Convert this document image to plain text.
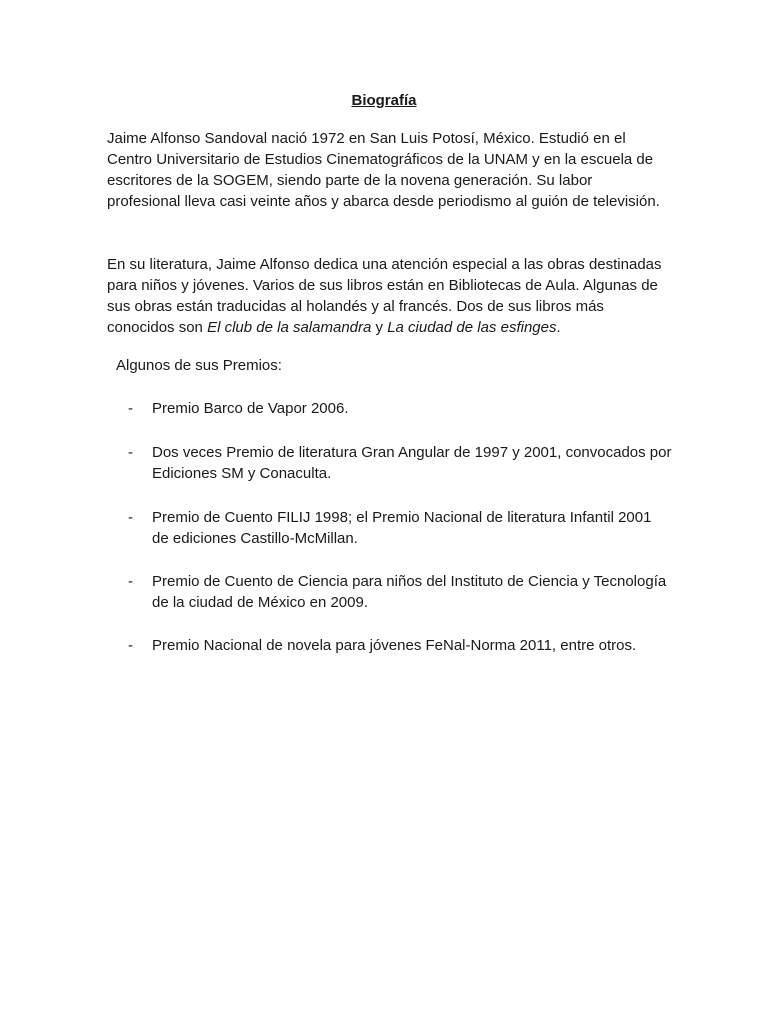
Biografía

Jaime Alfonso Sandoval nació 1972 en San Luis Potosí, México. Estudió en el Centro Universitario de Estudios Cinematográficos de la UNAM y en la escuela de escritores de la SOGEM, siendo parte de la novena generación. Su labor profesional lleva casi veinte años y abarca desde periodismo al guión de televisión.

En su literatura, Jaime Alfonso dedica una atención especial a las obras destinadas para niños y jóvenes. Varios de sus libros están en Bibliotecas de Aula. Algunas de sus obras están traducidas al holandés y al francés. Dos de sus libros más conocidos son El club de la salamandra y La ciudad de las esfinges.

Algunos de sus Premios:
- Premio Barco de Vapor 2006.
- Dos veces Premio de literatura Gran Angular de 1997 y 2001, convocados por Ediciones SM y Conaculta.
- Premio de Cuento FILIJ 1998; el Premio Nacional de literatura Infantil 2001 de ediciones Castillo-McMillan.
- Premio de Cuento de Ciencia para niños del Instituto de Ciencia y Tecnología de la ciudad de México en 2009.
- Premio Nacional de novela para jóvenes FeNal-Norma 2011, entre otros.
